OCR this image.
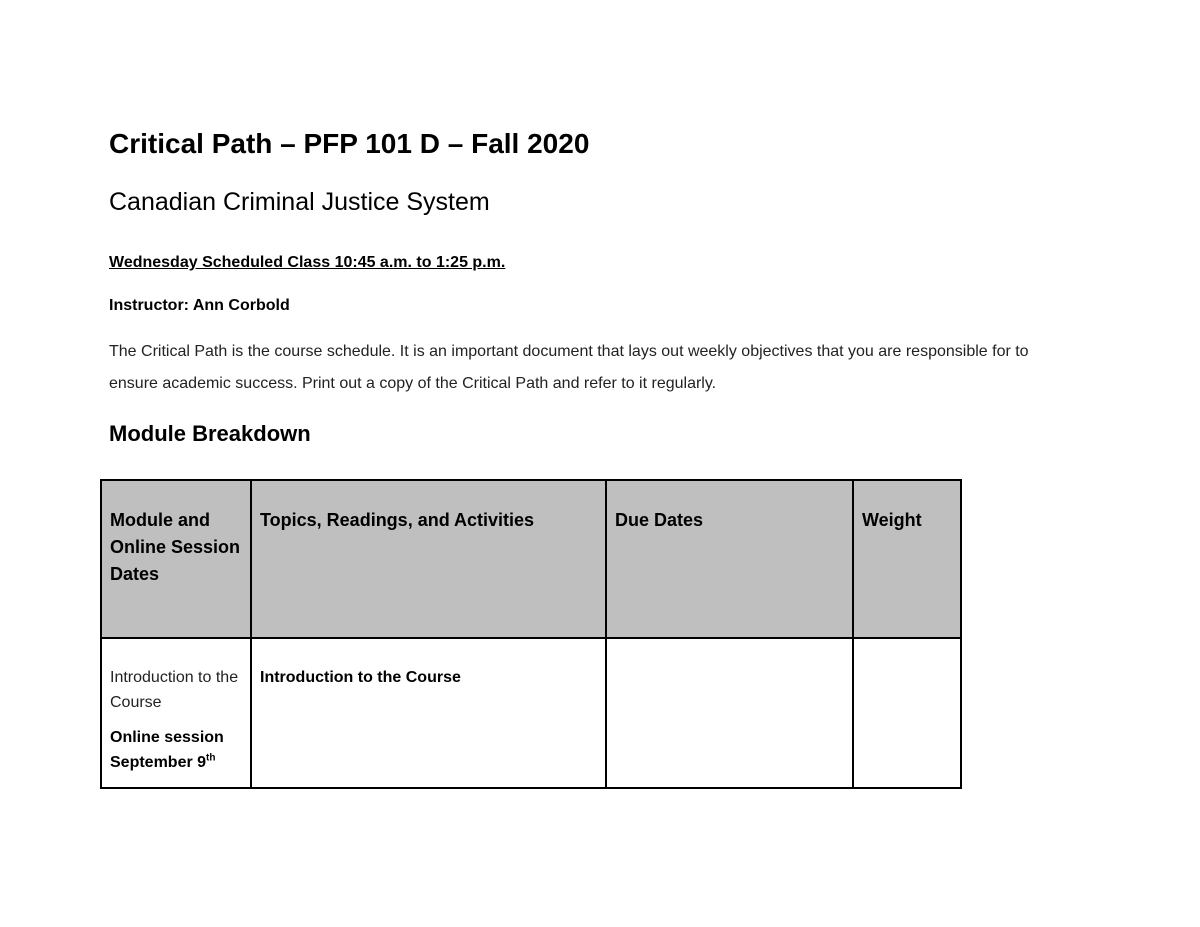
Critical Path – PFP 101 D – Fall 2020
Canadian Criminal Justice System

Wednesday Scheduled Class 10:45 a.m. to 1:25 p.m.

Instructor: Ann Corbold

The Critical Path is the course schedule. It is an important document that lays out weekly objectives that you are responsible for to ensure academic success. Print out a copy of the Critical Path and refer to it regularly.

Module Breakdown
Module and Online Session Dates	Topics, Readings, and Activities	Due Dates	Weight

Introduction to the Course
Online session September 9th	Introduction to the Course		
